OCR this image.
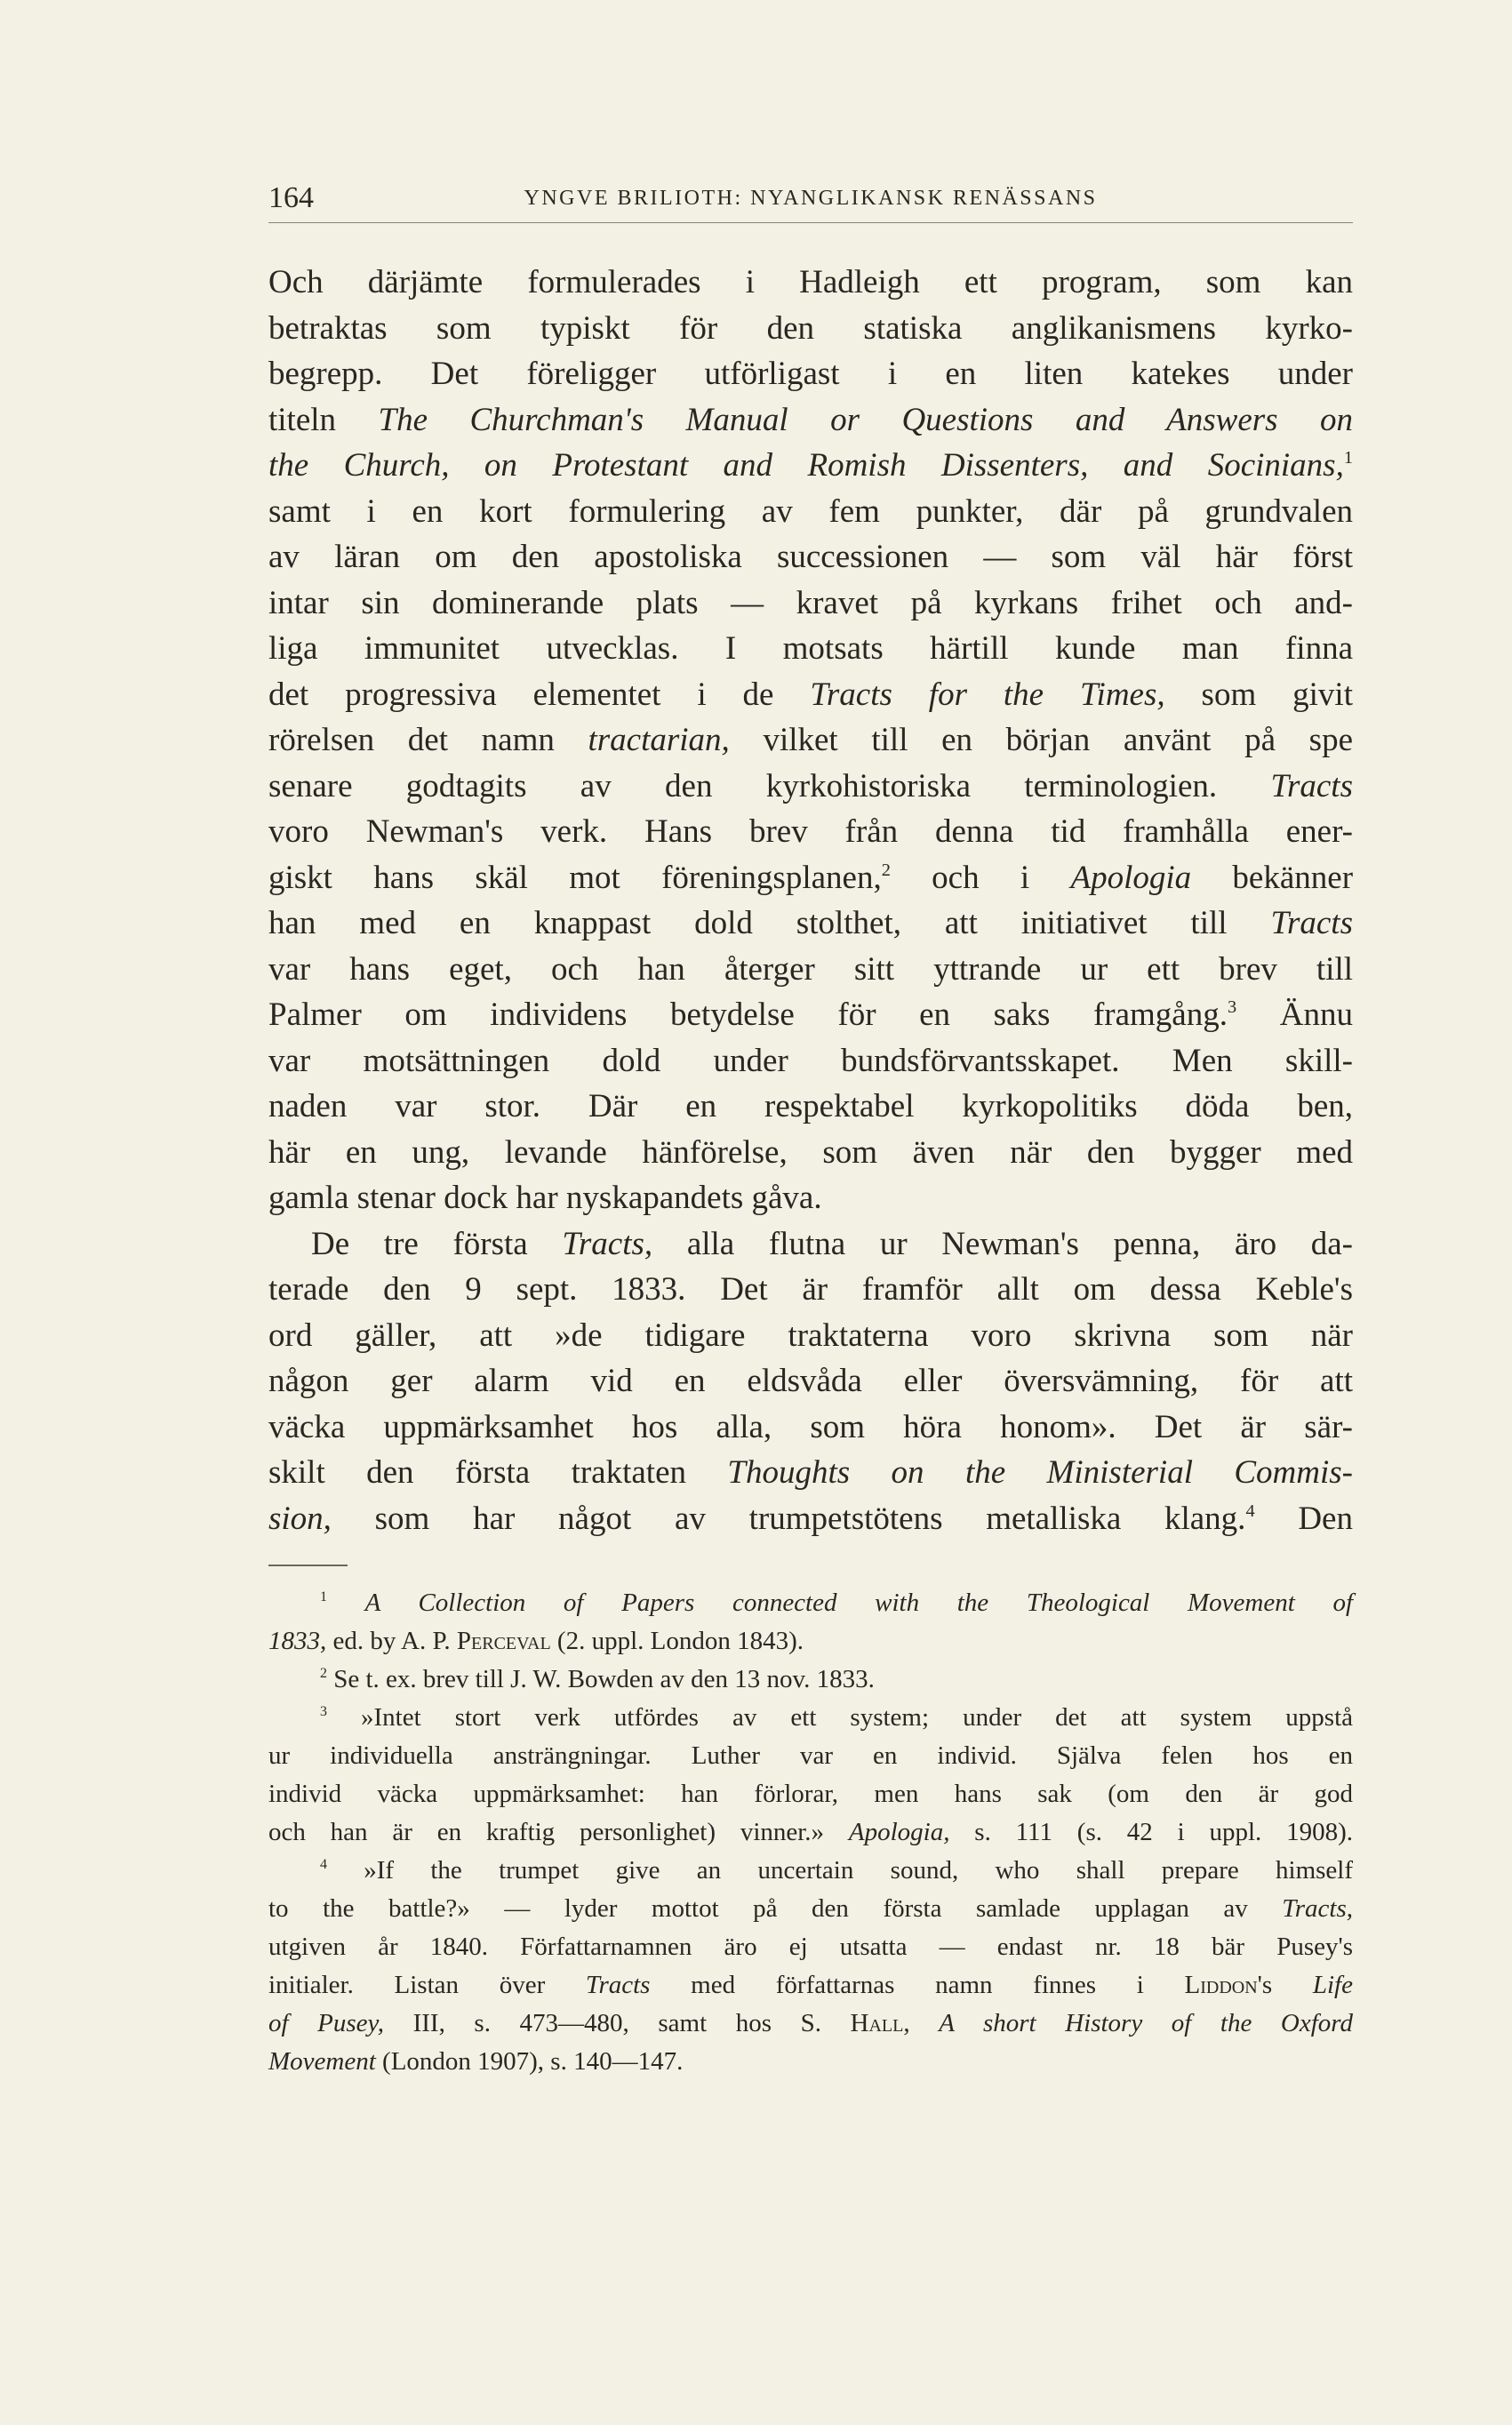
164	YNGVE BRILIOTH: NYANGLIKANSK RENÄSSANS
Och därjämte formulerades i Hadleigh ett program, som kan
betraktas som typiskt för den statiska anglikanismens kyrko-
begrepp. Det föreligger utförligast i en liten katekes under
titeln The Churchman's Manual or Questions and Answers on
the Church, on Protestant and Romish Dissenters, and Socinians,$^1$
samt i en kort formulering av fem punkter, där på grundvalen
av läran om den apostoliska successionen — som väl här först
intar sin dominerande plats — kravet på kyrkans frihet och and-
liga immunitet utvecklas. I motsats härtill kunde man finna
det progressiva elementet i de Tracts for the Times, som givit
rörelsen det namn tractarian, vilket till en början använt på spe
senare godtagits av den kyrkohistoriska terminologien. Tracts
voro Newman's verk. Hans brev från denna tid framhålla ener-
giskt hans skäl mot föreningsplanen,$^2$ och i Apologia bekänner
han med en knappast dold stolthet, att initiativet till Tracts
var hans eget, och han återger sitt yttrande ur ett brev till
Palmer om individens betydelse för en saks framgång.$^3$ Ännu
var motsättningen dold under bundsförvantsskapet. Men skill-
naden var stor. Där en respektabel kyrkopolitiks döda ben,
här en ung, levande hänförelse, som även när den bygger med
gamla stenar dock har nyskapandets gåva.
De tre första Tracts, alla flutna ur Newman's penna, äro da-
terade den 9 sept. 1833. Det är framför allt om dessa Keble's
ord gäller, att »de tidigare traktaterna voro skrivna som när
någon ger alarm vid en eldsvåda eller översvämning, för att
väcka uppmärksamhet hos alla, som höra honom». Det är sär-
skilt den första traktaten Thoughts on the Ministerial Commis-
sion, som har något av trumpetstötens metalliska klang.$^4$ Den
$^1$ A Collection of Papers connected with the Theological Movement of
1833, ed. by A. P. Perceval (2. uppl. London 1843).
$^2$ Se t. ex. brev till J. W. Bowden av den 13 nov. 1833.
$^3$ »Intet stort verk utfördes av ett system; under det att system uppstå
ur individuella ansträngningar. Luther var en individ. Själva felen hos en
individ väcka uppmärksamhet: han förlorar, men hans sak (om den är god
och han är en kraftig personlighet) vinner.» Apologia, s. 111 (s. 42 i uppl. 1908).
$^4$ »If the trumpet give an uncertain sound, who shall prepare himself
to the battle?» — lyder mottot på den första samlade upplagan av Tracts,
utgiven år 1840. Författarnamnen äro ej utsatta — endast nr. 18 bär Pusey's
initialer. Listan över Tracts med författarnas namn finnes i Liddon's Life
of Pusey, III, s. 473—480, samt hos S. Hall, A short History of the Oxford
Movement (London 1907), s. 140—147.
